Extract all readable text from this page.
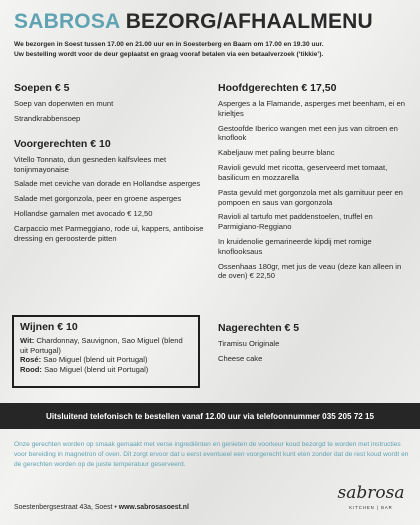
SABROSA BEZORG/AFHAALMENU
We bezorgen in Soest tussen 17.00 en 21.00 uur en in Soesterberg en Baarn om 17.00 en 19.30 uur.
Uw bestelling wordt voor de deur geplaatst en graag vooraf betalen via een betaalverzoek (‘tikkie’).
Soepen € 5
Soep van doperwten en munt
Strandkrabbensoep
Voorgerechten € 10
Vitello Tonnato, dun gesneden kalfsvlees met tonijnmayonaise
Salade met ceviche van dorade en Hollandse asperges
Salade met gorgonzola, peer en groene asperges
Hollandse garnalen met avocado € 12,50
Carpaccio met Parmeggiano, rode ui, kappers, antiboise dressing en geroosterde pitten
Wijnen € 10
Wit: Chardonnay, Sauvignon, Sao Miguel (blend uit Portugal)
Rosé: Sao Miguel (blend uit Portugal)
Rood: Sao Miguel (blend uit Portugal)
Hoofdgerechten € 17,50
Asperges a la Flamande, asperges met beenham, ei en krieltjes
Gestoofde Iberico wangen met een jus van citroen en knoflook
Kabeljauw met paling beurre blanc
Ravioli gevuld met ricotta, geserveerd met tomaat, basilicum en mozzarella
Pasta gevuld met gorgonzola met als garnituur peer en pompoen en saus van gorgonzola
Ravioli al tartufo met paddenstoelen, truffel en Parmigiano-Reggiano
In kruidenolie gemarineerde kipdij met romige knoflooksaus
Ossenhaas 180gr, met jus de veau (deze kan alleen in de oven) € 22,50
Nagerechten € 5
Tiramisu Originale
Cheese cake
Uitsluitend telefonisch te bestellen vanaf 12.00 uur via telefoonnummer 035 205 72 15
Onze gerechten worden op smaak gemaakt met verse ingrediënten en genieten de voorkeur koud bezorgd te worden met instructies voor bereiding in magnetron of oven. Dit zorgt ervoor dat u eerst eventueel een voorgerecht kunt eten zonder dat de rest koud wordt en de gerechten worden op de juiste temperatuur geserveerd.
Soestenbergsestraat 43a, Soest • www.sabrosasoest.nl
sabrosa
KITCHEN | BAR
